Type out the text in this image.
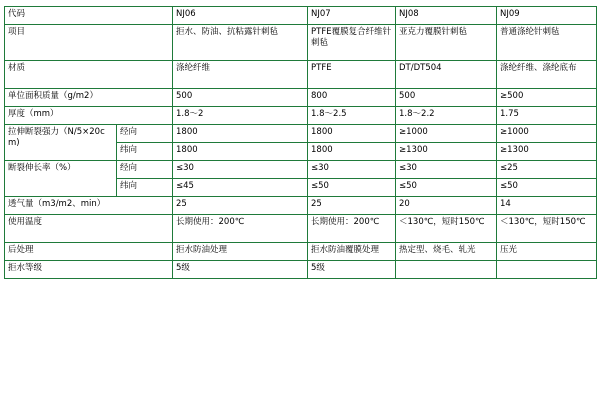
代码		NJ06	NJ07	NJ08	NJ09
项目		拒水、防油、抗粘露针刺毡	PTFE覆膜复合纤维针刺毡	亚克力覆膜针刺毡	普通涤纶针刺毡
材质		涤纶纤维	PTFE	DT/DT504	涤纶纤维、涤纶底布
单位面积质量（g/m2）		500	800	500	≥500
厚度（mm）		1.8～2	1.8～2.5	1.8～2.2	1.75
拉伸断裂强力（N/5×20cm)	经向	1800	1800	≥1000	≥1000
	纬向	1800	1800	≥1300	≥1300
断裂伸长率（%）	经向	≤30	≤30	≤30	≤25
	纬向	≤45	≤50	≤50	≤50
透气量（m3/m2、min）		25	25	20	14
使用温度		长期使用：200℃	长期使用：200℃	＜130℃，短时150℃	＜130℃，短时150℃
后处理		拒水防油处理	拒水防油覆膜处理	热定型、烧毛、轧光	压光
拒水等级		5级	5级		
